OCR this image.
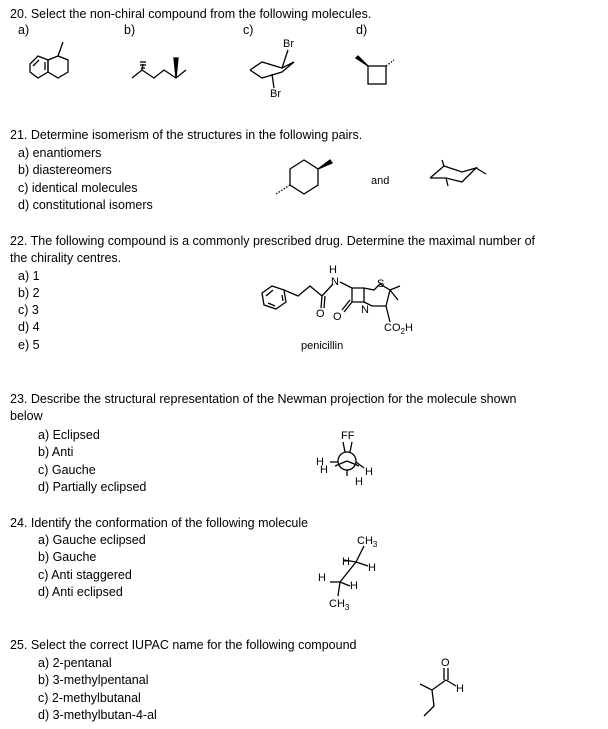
20. Select the non-chiral compound from the following molecules.
a)	b)	c)	d)
Br
Br
21. Determine isomerism of the structures in the following pairs.
a) enantiomers
b) diastereomers
c) identical molecules
d) constitutional isomers
and
22. The following compound is a commonly prescribed drug. Determine the maximal number of
the chirality centres.
a) 1
b) 2
c) 3
d) 4
e) 5
H
N
N
S
O O
$CO_2H$
penicillin
23. Describe the structural representation of the Newman projection for the molecule shown
below
a) Eclipsed
b) Anti
c) Gauche
d) Partially eclipsed
FF
H
H	H
H
24. Identify the conformation of the following molecule
a) Gauche eclipsed
b) Gauche
c) Anti staggered
d) Anti eclipsed
$CH_3$
H H
H
H
$CH_3$
25. Select the correct IUPAC name for the following compound
a) 2-pentanal
b) 3-methylpentanal
c) 2-methylbutanal
d) 3-methylbutan-4-al
O
H
